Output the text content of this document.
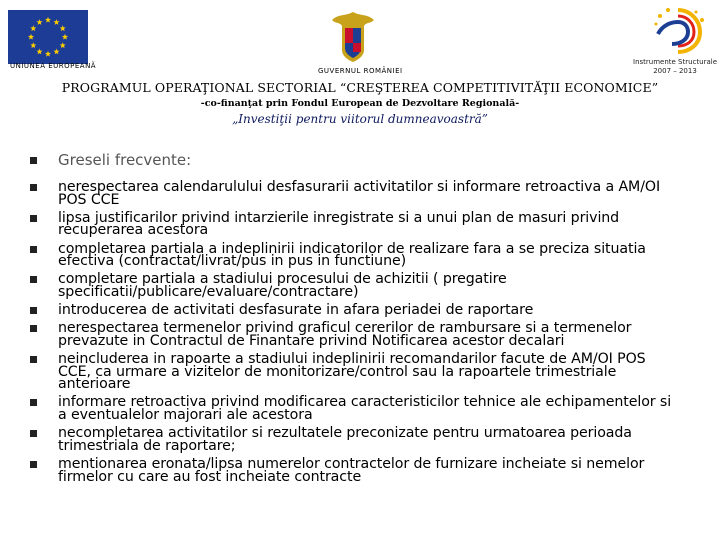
UNIUNEA EUROPEANĂ
GUVERNUL ROMÂNIEI
Instrumente Structurale
2007 – 2013
PROGRAMUL OPERAŢIONAL SECTORIAL “CREŞTEREA COMPETITIVITĂŢII ECONOMICE”
-co-finanţat prin Fondul European de Dezvoltare Regională-
„Investiţii pentru viitorul dumneavoastră”
Greseli frecvente:
nerespectarea calendarulului desfasurarii activitatilor si informare retroactiva a AM/OI POS CCE
lipsa justificarilor privind intarzierile inregistrate si a unui plan de masuri privind recuperarea acestora
completarea partiala a indeplinirii indicatorilor de realizare fara a se preciza situatia efectiva (contractat/livrat/pus in pus in functiune)
completare partiala a stadiului procesului de achizitii ( pregatire specificatii/publicare/evaluare/contractare)
introducerea de activitati desfasurate in afara periadei de raportare
nerespectarea termenelor privind graficul cererilor de rambursare si a termenelor prevazute in Contractul de Finantare privind Notificarea acestor decalari
neincluderea in rapoarte a stadiului indeplinirii recomandarilor facute de AM/OI POS CCE, ca urmare a vizitelor de monitorizare/control sau la rapoartele trimestriale anterioare
informare retroactiva privind modificarea caracteristicilor tehnice ale echipamentelor si a eventualelor majorari ale acestora
necompletarea activitatilor si rezultatele preconizate pentru urmatoarea perioada trimestriala de raportare;
mentionarea eronata/lipsa numerelor contractelor de furnizare incheiate si nemelor firmelor cu care au fost incheiate contracte
